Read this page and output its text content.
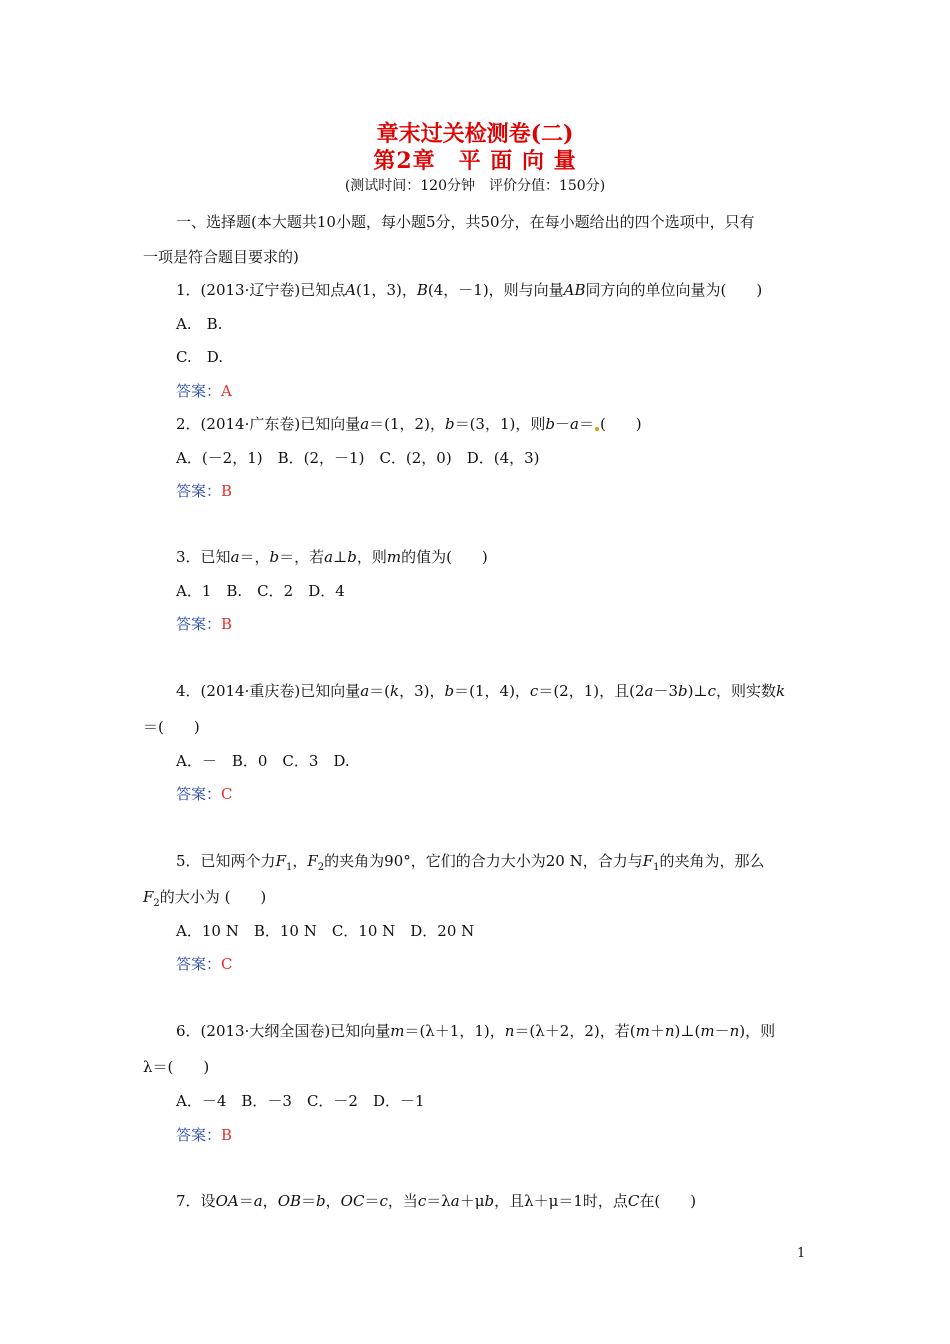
章末过关检测卷(二)
第2章　平 面 向 量
(测试时间：120分钟　评价分值：150分)
一、选择题(本大题共10小题，每小题5分，共50分，在每小题给出的四个选项中，只有
一项是符合题目要求的)
1．(2013·辽宁卷)已知点A(1，3)，B(4，－1)，则与向量AB同方向的单位向量为(　　)
A.　B.
C.　D.
答案：A
2．(2014·广东卷)已知向量a＝(1，2)，b＝(3，1)，则b－a＝ (　　)
A．(－2，1)　B．(2，－1)　C．(2，0)　D．(4，3)
答案：B
3．已知a＝，b＝，若a⊥b，则m的值为(　　)
A．1　B.　C．2　D．4
答案：B
4．(2014·重庆卷)已知向量a＝(k，3)，b＝(1，4)，c＝(2，1)，且(2a－3b)⊥c，则实数k
＝(　　)
A．－　B．0　C．3　D.
答案：C
5．已知两个力$F_1$，$F_2$的夹角为90°，它们的合力大小为20 N，合力与$F_1$的夹角为，那么
$F_2$的大小为 (　　)
A．10 N　B．10 N　C．10 N　D．20 N
答案：C
6．(2013·大纲全国卷)已知向量m＝(λ＋1，1)，n＝(λ＋2，2)，若(m＋n)⊥(m－n)，则
λ＝(　　)
A．－4　B．－3　C．－2　D．－1
答案：B
7．设OA＝a，OB＝b，OC＝c，当c＝λa＋μb，且λ＋μ＝1时，点C在(　　)
1
